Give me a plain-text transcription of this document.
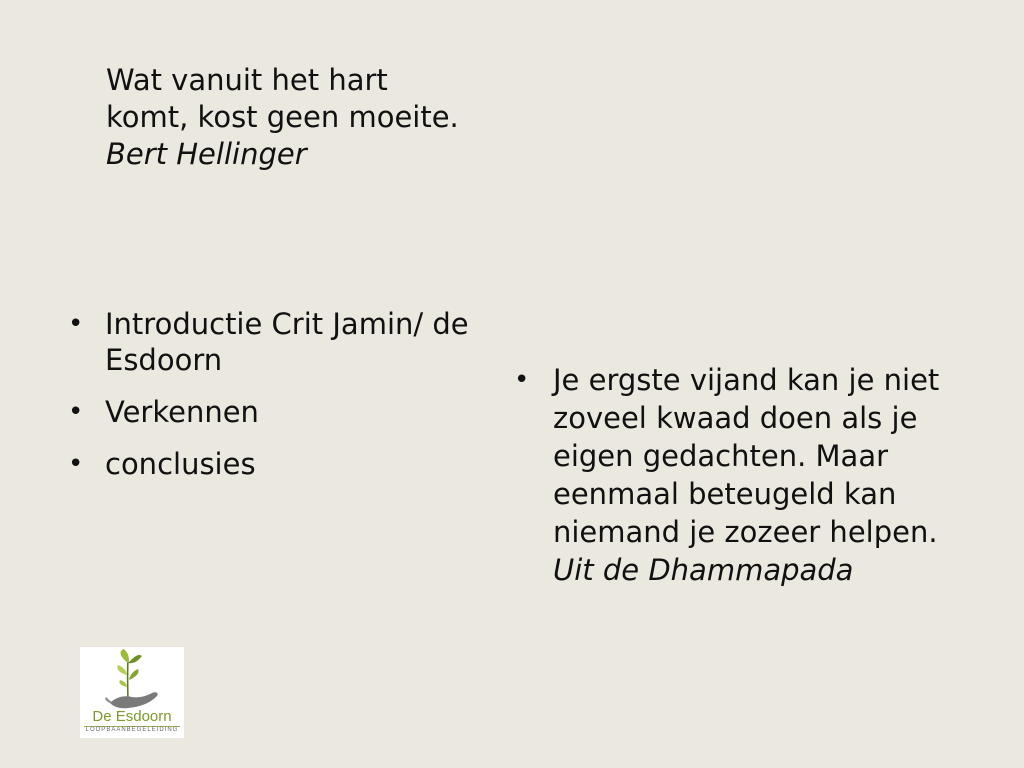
Wat vanuit het hart
komt, kost geen moeite.
Bert Hellinger
• Introductie Crit Jamin/ de Esdoorn
• Verkennen
• conclusies
• Je ergste vijand kan je niet zoveel kwaad doen als je eigen gedachten. Maar eenmaal beteugeld kan niemand je zozeer helpen. Uit de Dhammapada
De Esdoorn
LOOPBAANBEGELEIDING
